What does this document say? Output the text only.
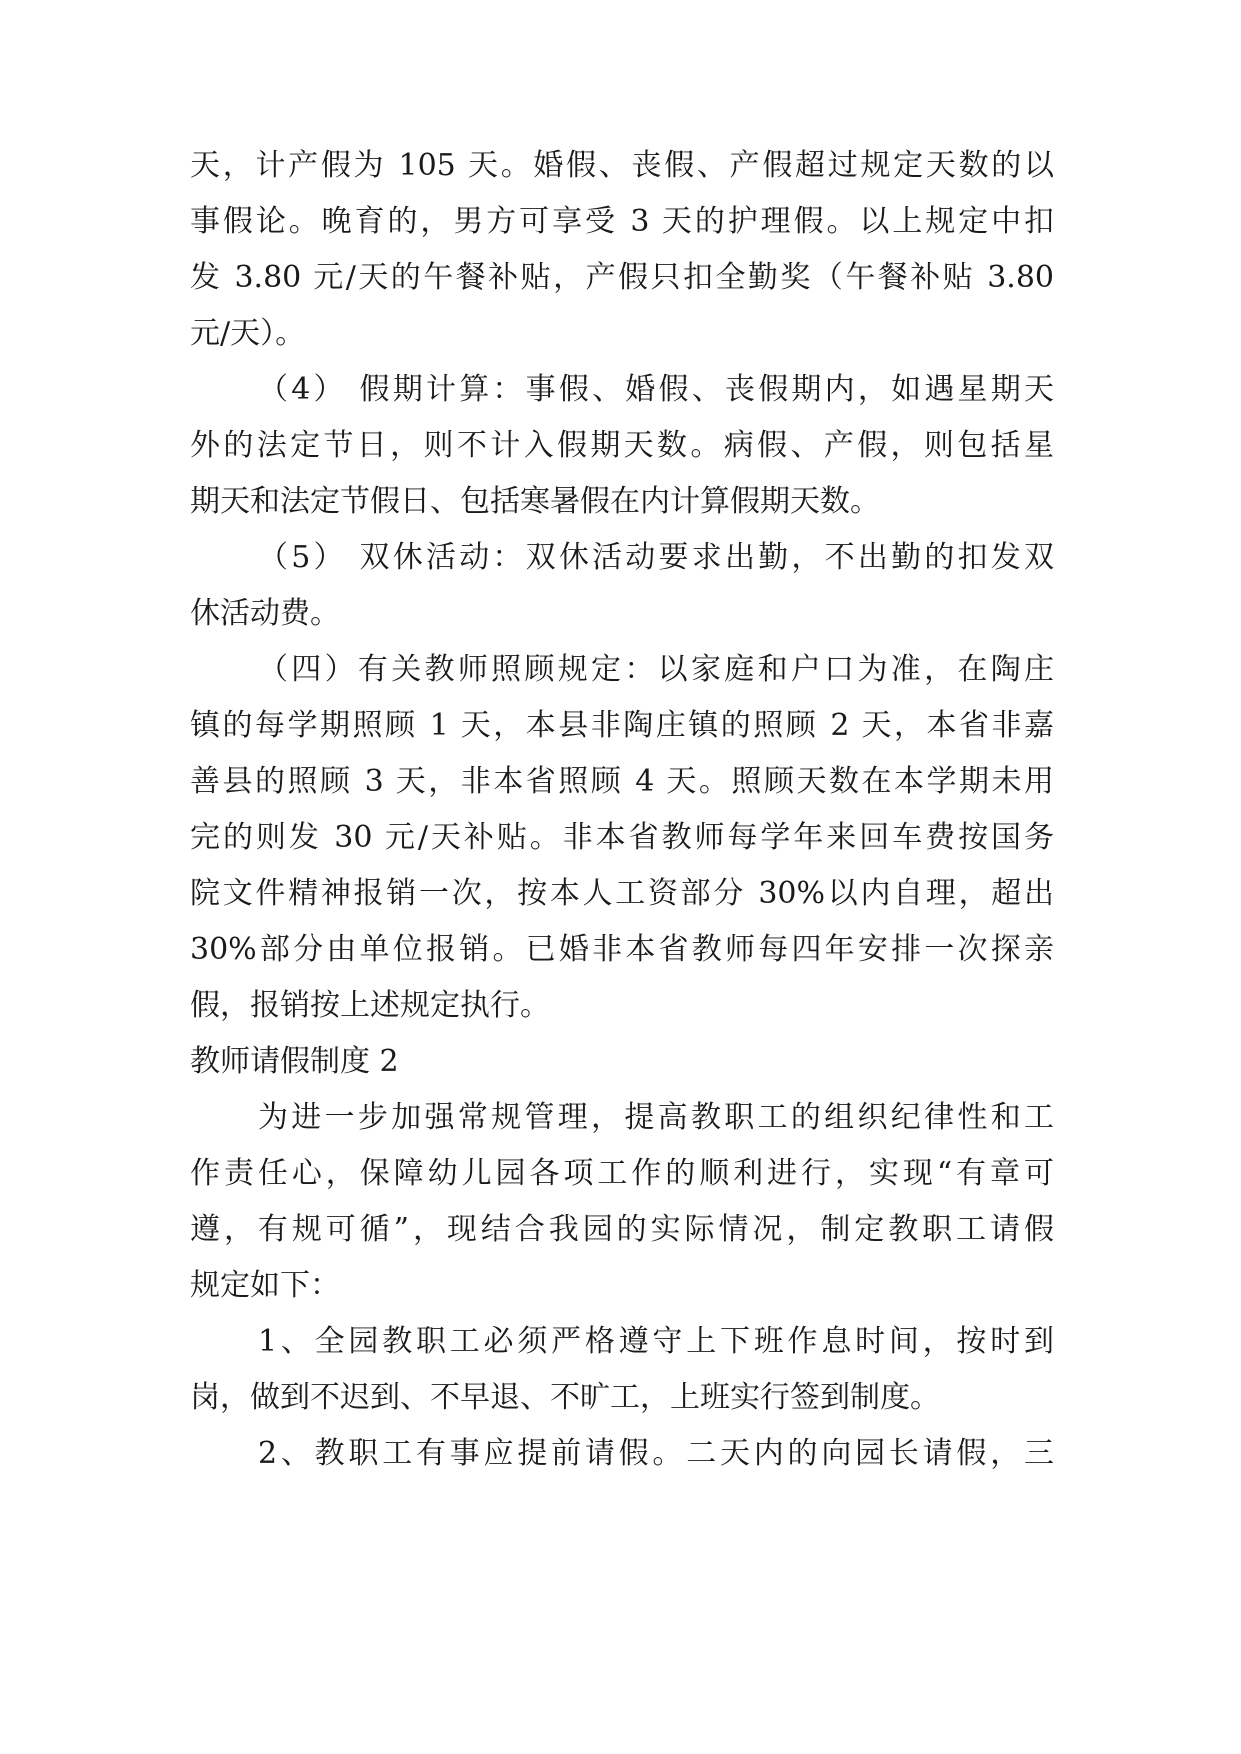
天，计产假为 105 天。婚假、丧假、产假超过规定天数的以
事假论。晚育的，男方可享受 3 天的护理假。以上规定中扣
发 3.80 元/天的午餐补贴，产假只扣全勤奖（午餐补贴 3.80
元/天）。
（4） 假期计算：事假、婚假、丧假期内，如遇星期天
外的法定节日，则不计入假期天数。病假、产假，则包括星
期天和法定节假日、包括寒暑假在内计算假期天数。
（5） 双休活动：双休活动要求出勤，不出勤的扣发双
休活动费。
（四）有关教师照顾规定：以家庭和户口为准，在陶庄
镇的每学期照顾 1 天，本县非陶庄镇的照顾 2 天，本省非嘉
善县的照顾 3 天，非本省照顾 4 天。照顾天数在本学期未用
完的则发 30 元/天补贴。非本省教师每学年来回车费按国务
院文件精神报销一次，按本人工资部分 30%以内自理，超出
30%部分由单位报销。已婚非本省教师每四年安排一次探亲
假，报销按上述规定执行。
教师请假制度 2
为进一步加强常规管理，提高教职工的组织纪律性和工
作责任心，保障幼儿园各项工作的顺利进行，实现“有章可
遵，有规可循”，现结合我园的实际情况，制定教职工请假
规定如下：
1、全园教职工必须严格遵守上下班作息时间，按时到
岗，做到不迟到、不早退、不旷工，上班实行签到制度。
2、教职工有事应提前请假。二天内的向园长请假，三
